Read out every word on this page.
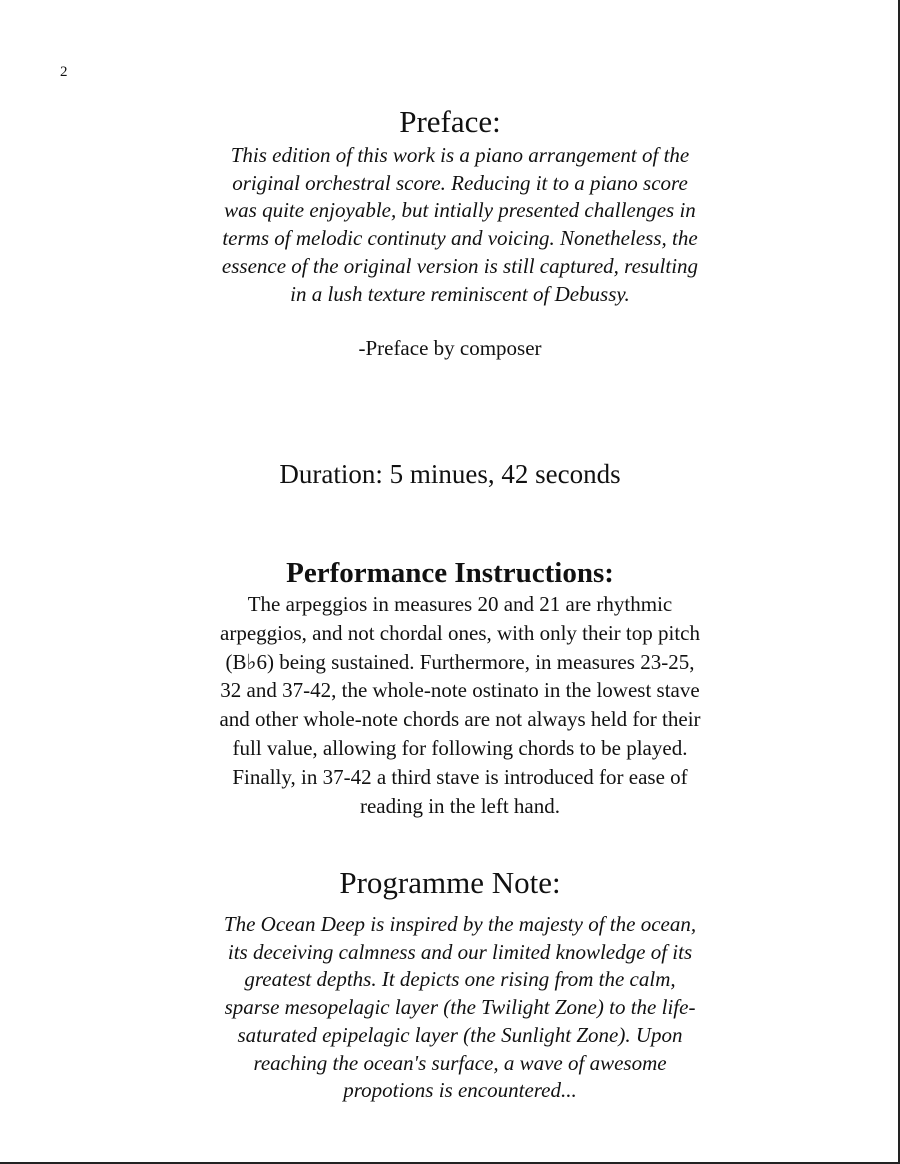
2
Preface:
This edition of this work is a piano arrangement of the
original orchestral score. Reducing it to a piano score
was quite enjoyable, but intially presented challenges in
terms of melodic continuty and voicing. Nonetheless, the
essence of the original version is still captured, resulting
in a lush texture reminiscent of Debussy.
-Preface by composer
Duration: 5 minues, 42 seconds
Performance Instructions:
The arpeggios in measures 20 and 21 are rhythmic
arpeggios, and not chordal ones, with only their top pitch
(B♭6) being sustained. Furthermore, in measures 23-25,
32 and 37-42, the whole-note ostinato in the lowest stave
and other whole-note chords are not always held for their
full value, allowing for following chords to be played.
Finally, in 37-42 a third stave is introduced for ease of
reading in the left hand.
Programme Note:
The Ocean Deep is inspired by the majesty of the ocean,
its deceiving calmness and our limited knowledge of its
greatest depths. It depicts one rising from the calm,
sparse mesopelagic layer (the Twilight Zone) to the life-
saturated epipelagic layer (the Sunlight Zone). Upon
reaching the ocean's surface, a wave of awesome
propotions is encountered...
